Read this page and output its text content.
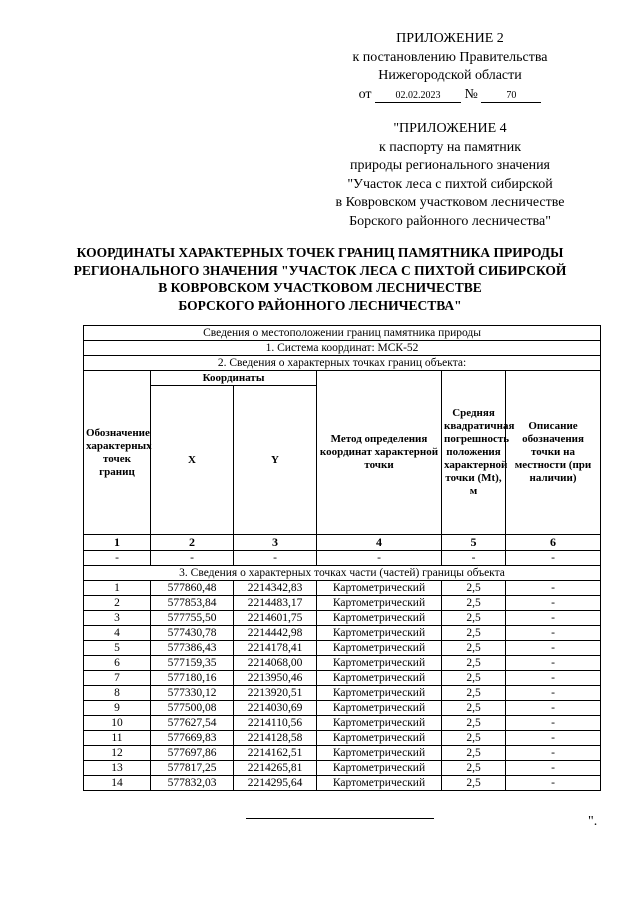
ПРИЛОЖЕНИЕ 2
к постановлению Правительства
Нижегородской области
от 02.02.2023 №	70
"ПРИЛОЖЕНИЕ 4
к паспорту на памятник
природы регионального значения
"Участок леса с пихтой сибирской
в Ковровском участковом лесничестве
Борского районного лесничества"
КООРДИНАТЫ ХАРАКТЕРНЫХ ТОЧЕК ГРАНИЦ ПАМЯТНИКА ПРИРОДЫ
РЕГИОНАЛЬНОГО ЗНАЧЕНИЯ "УЧАСТОК ЛЕСА С ПИХТОЙ СИБИРСКОЙ
В КОВРОВСКОМ УЧАСТКОВОМ ЛЕСНИЧЕСТВЕ
БОРСКОГО РАЙОННОГО ЛЕСНИЧЕСТВА"
Сведения о местоположении границ памятника природы					
1. Система координат: МСК-52					
2. Сведения о характерных точках границ объекта:					
Обозначение характерных точек границ	Координаты		Метод определения координат характерной точки	Средняя квадратичная погрешность положения характерной точки (Mt), м	Описание обозначения точки на местности (при наличии)
	X	Y			
1	2	3	4	5	6
-	-	-	-	-	-
3. Сведения о характерных точках части (частей) границы объекта					
1	577860,48	2214342,83	Картометрический	2,5	-
2	577853,84	2214483,17	Картометрический	2,5	-
3	577755,50	2214601,75	Картометрический	2,5	-
4	577430,78	2214442,98	Картометрический	2,5	-
5	577386,43	2214178,41	Картометрический	2,5	-
6	577159,35	2214068,00	Картометрический	2,5	-
7	577180,16	2213950,46	Картометрический	2,5	-
8	577330,12	2213920,51	Картометрический	2,5	-
9	577500,08	2214030,69	Картометрический	2,5	-
10	577627,54	2214110,56	Картометрический	2,5	-
11	577669,83	2214128,58	Картометрический	2,5	-
12	577697,86	2214162,51	Картометрический	2,5	-
13	577817,25	2214265,81	Картометрический	2,5	-
14	577832,03	2214295,64	Картометрический	2,5	-
".
